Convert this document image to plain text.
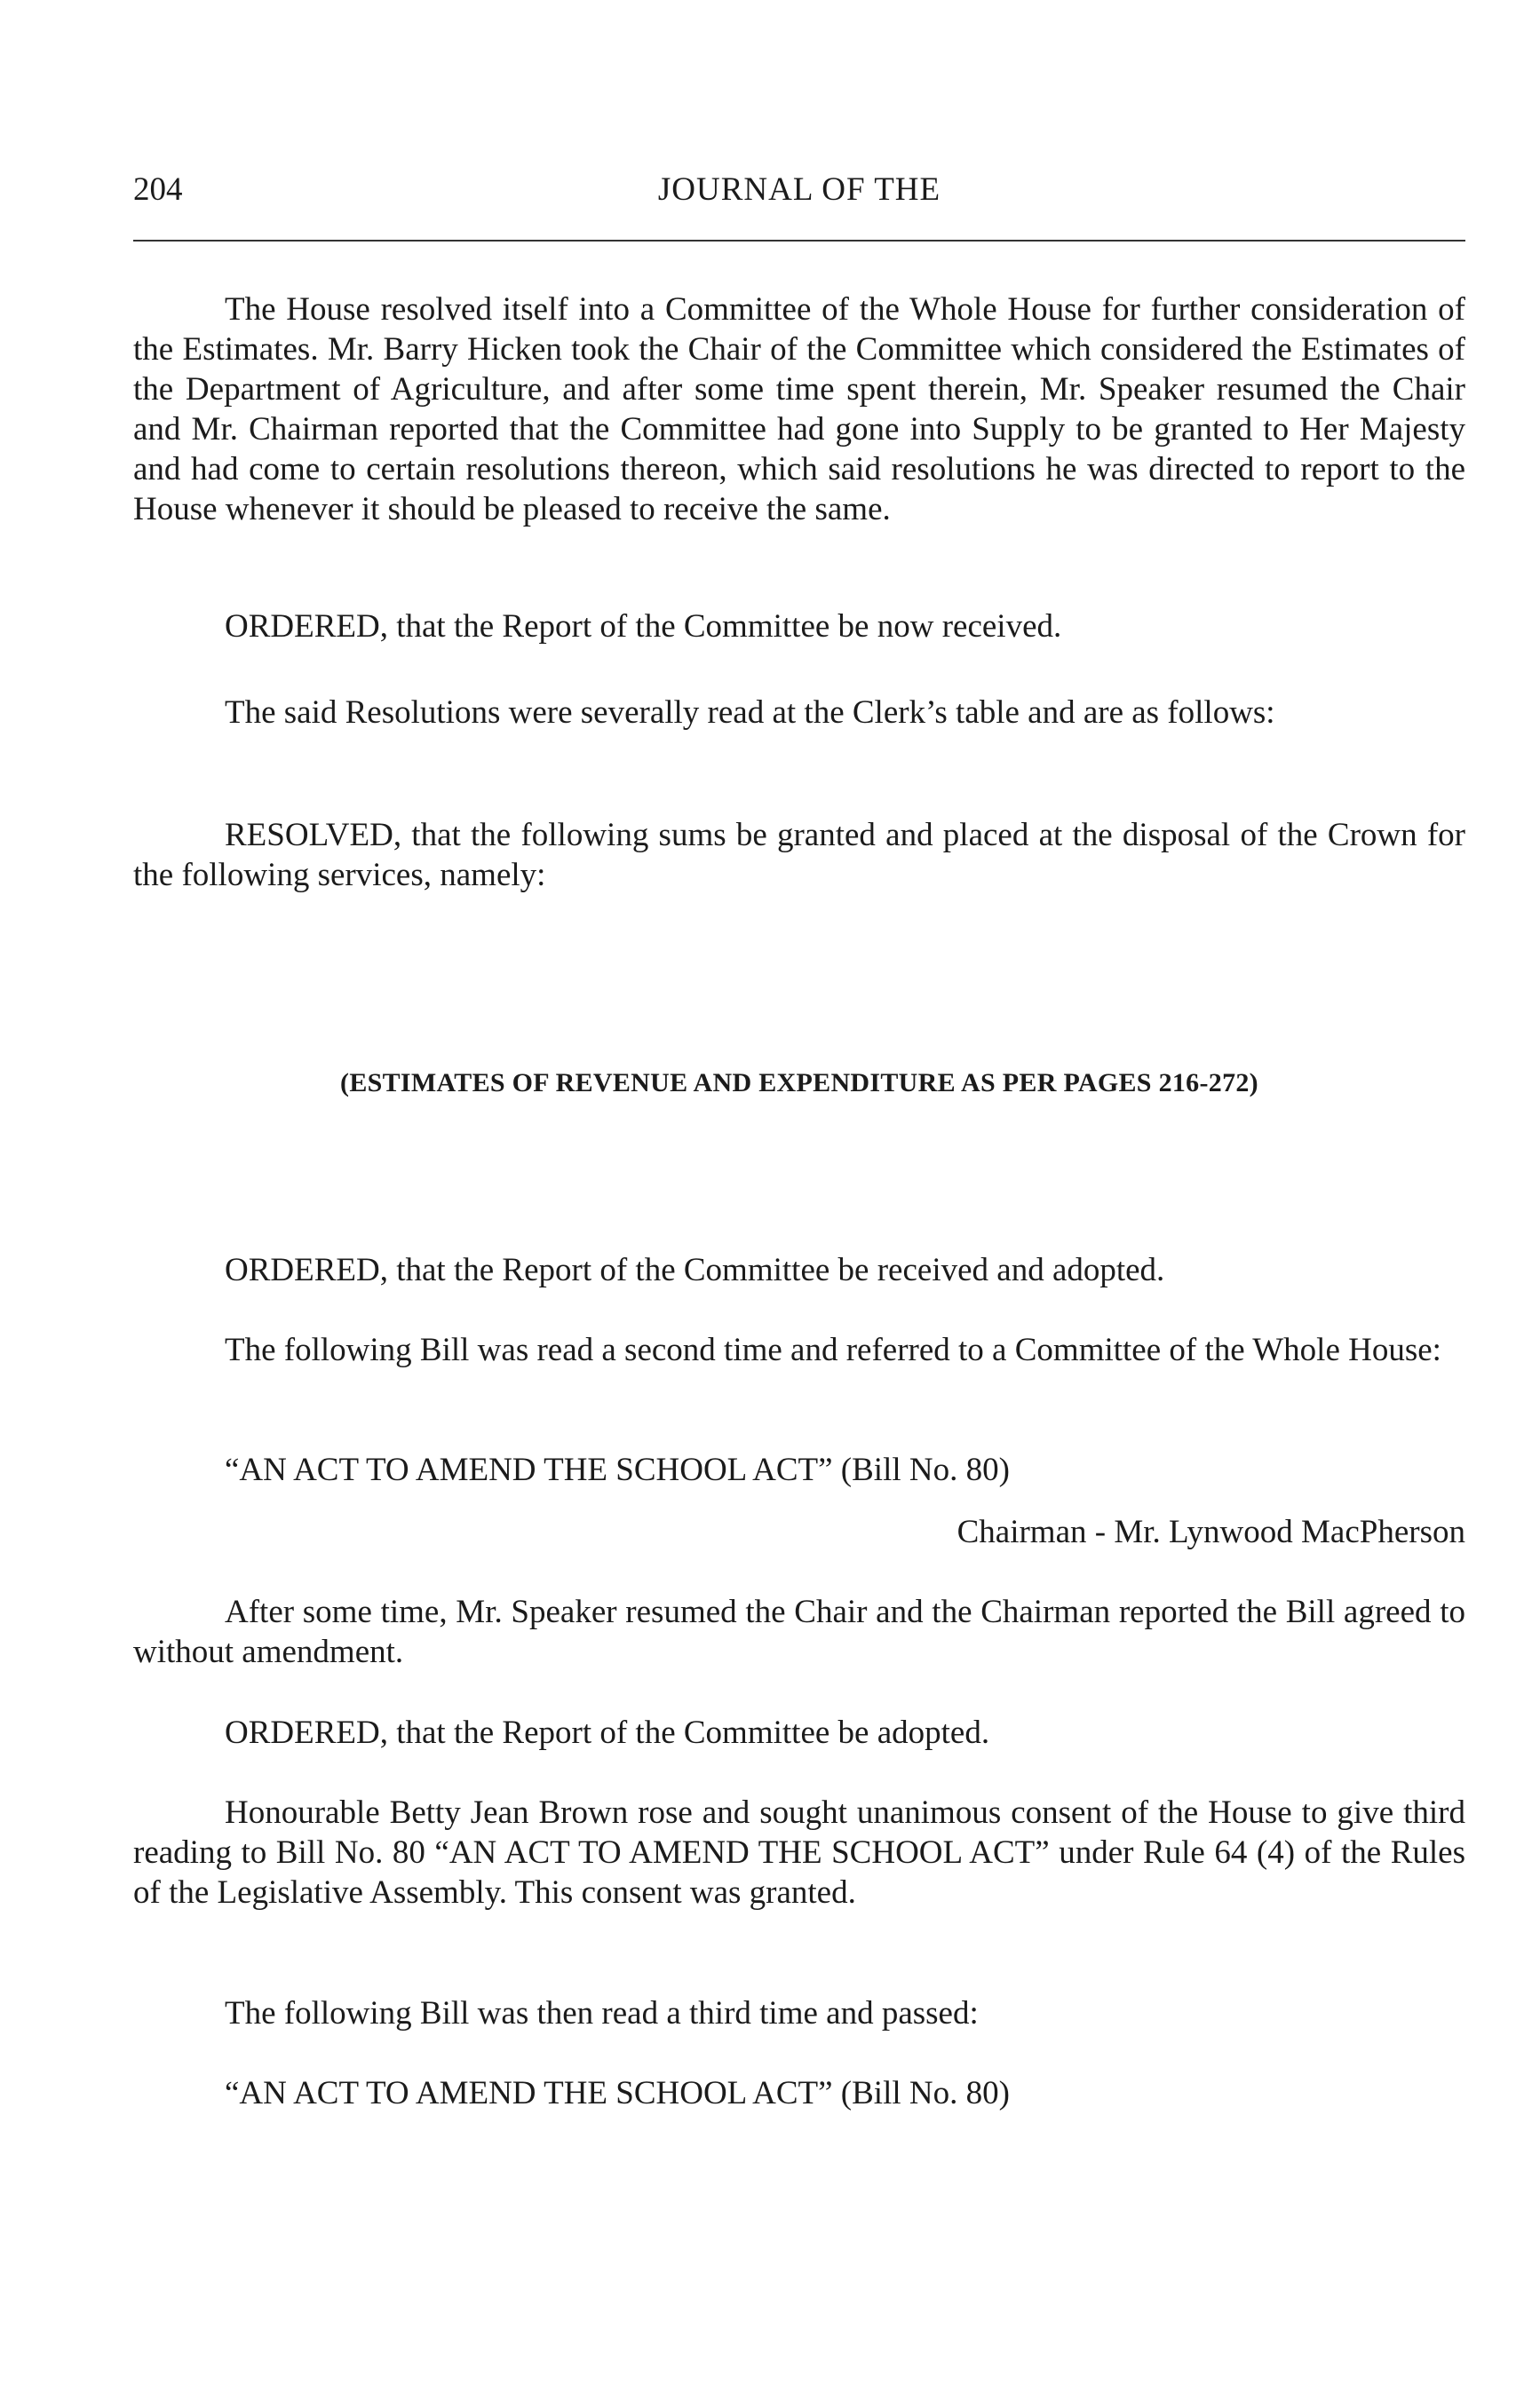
204	JOURNAL OF THE

The House resolved itself into a Committee of the Whole House for further consideration of the Estimates. Mr. Barry Hicken took the Chair of the Committee which considered the Estimates of the Department of Agriculture, and after some time spent therein, Mr. Speaker resumed the Chair and Mr. Chairman reported that the Committee had gone into Supply to be granted to Her Majesty and had come to certain resolutions thereon, which said resolutions he was directed to report to the House whenever it should be pleased to receive the same.

ORDERED, that the Report of the Committee be now received.

The said Resolutions were severally read at the Clerk’s table and are as follows:

RESOLVED, that the following sums be granted and placed at the disposal of the Crown for the following services, namely:

(ESTIMATES OF REVENUE AND EXPENDITURE AS PER PAGES 216-272)

ORDERED, that the Report of the Committee be received and adopted.

The following Bill was read a second time and referred to a Committee of the Whole House:

“AN ACT TO AMEND THE SCHOOL ACT” (Bill No. 80)
Chairman - Mr. Lynwood MacPherson

After some time, Mr. Speaker resumed the Chair and the Chairman reported the Bill agreed to without amendment.

ORDERED, that the Report of the Committee be adopted.

Honourable Betty Jean Brown rose and sought unanimous consent of the House to give third reading to Bill No. 80 “AN ACT TO AMEND THE SCHOOL ACT” under Rule 64 (4) of the Rules of the Legislative Assembly. This consent was granted.

The following Bill was then read a third time and passed:

“AN ACT TO AMEND THE SCHOOL ACT” (Bill No. 80)
